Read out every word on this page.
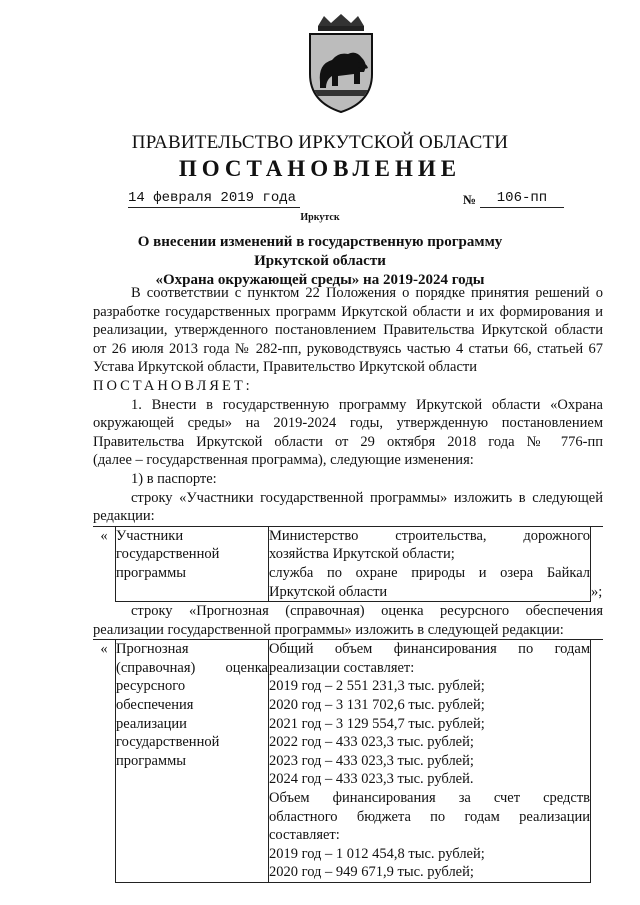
ПРАВИТЕЛЬСТВО ИРКУТСКОЙ ОБЛАСТИ
ПОСТАНОВЛЕНИЕ
14 февраля 2019 года	№	106-пп
Иркутск
О внесении изменений в государственную программу Иркутской области
«Охрана окружающей среды» на 2019-2024 годы

В соответствии с пунктом 22 Положения о порядке принятия решений о

разработке государственных программ Иркутской области и их формирования и

реализации, утвержденного постановлением Правительства Иркутской области

от 26 июля 2013 года № 282-пп, руководствуясь частью 4 статьи 66, статьей 67

Устава Иркутской области, Правительство Иркутской области

ПОСТАНОВЛЯЕТ:

1. Внести в государственную программу Иркутской области «Охрана

окружающей среды» на 2019-2024 годы, утвержденную постановлением

Правительства Иркутской области от 29 октября 2018 года № 776-пп

(далее – государственная программа), следующие изменения:

1) в паспорте:

строку «Участники государственной программы» изложить в следующей

редакции:

«	Участники
государственной
программы

Министерство строительства, дорожного
хозяйства Иркутской области;
служба по охране природы и озера Байкал
Иркутской области	»;

строку «Прогнозная (справочная) оценка ресурсного обеспечения

реализации государственной программы» изложить в следующей редакции:

«	Прогнозная
(справочная) оценка
ресурсного
обеспечения
реализации
государственной
программы

Общий объем финансирования по годам
реализации составляет:
2019 год – 2 551 231,3 тыс. рублей;
2020 год – 3 131 702,6 тыс. рублей;
2021 год – 3 129 554,7 тыс. рублей;
2022 год – 433 023,3 тыс. рублей;
2023 год – 433 023,3 тыс. рублей;
2024 год – 433 023,3 тыс. рублей.
Объем финансирования за счет средств
областного бюджета по годам реализации
составляет:
2019 год – 1 012 454,8 тыс. рублей;
2020 год – 949 671,9 тыс. рублей;
